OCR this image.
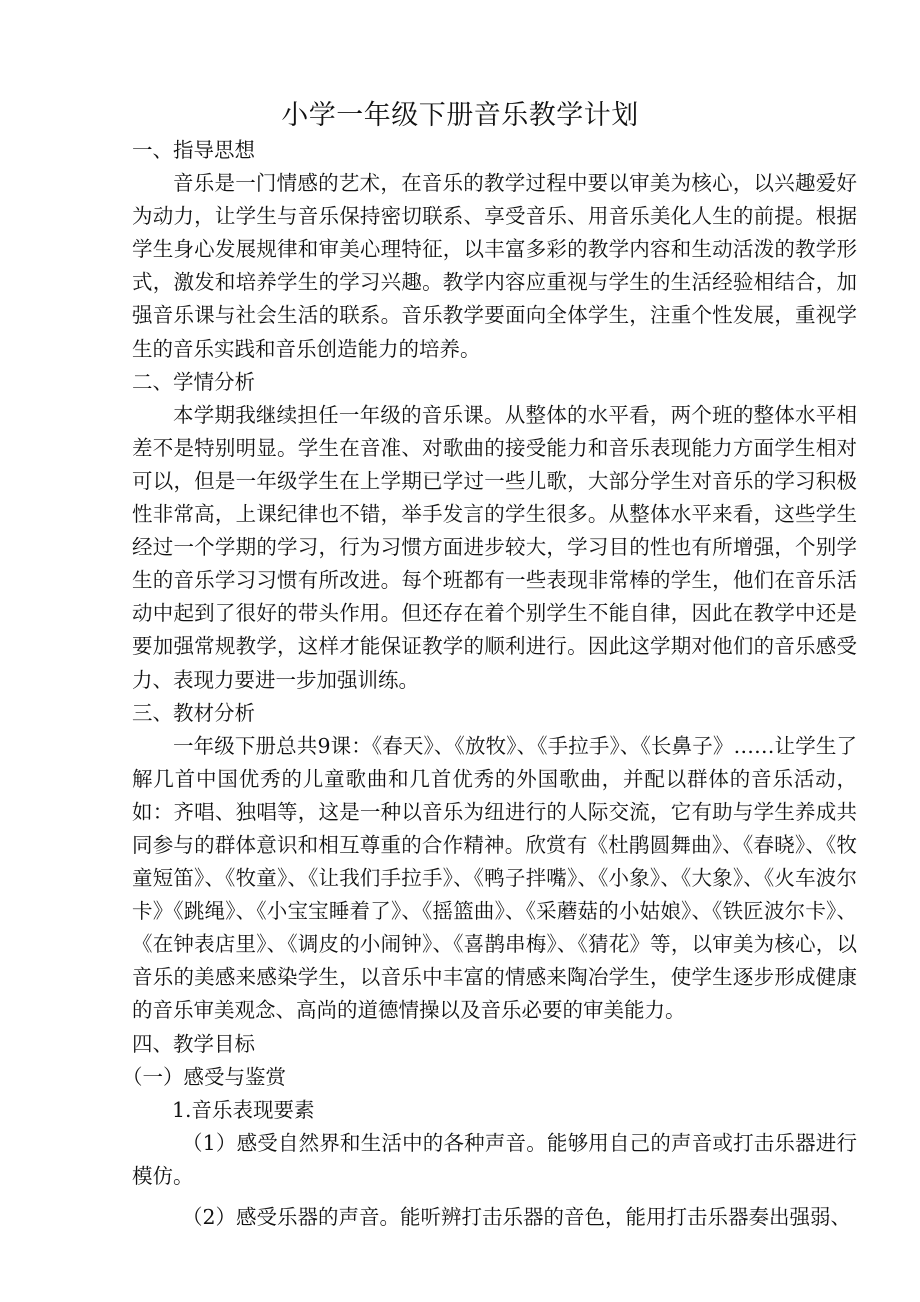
小学一年级下册音乐教学计划
一、指导思想

音乐是一门情感的艺术，在音乐的教学过程中要以审美为核心，以兴趣爱好为动力，让学生与音乐保持密切联系、享受音乐、用音乐美化人生的前提。根据学生身心发展规律和审美心理特征，以丰富多彩的教学内容和生动活泼的教学形式，激发和培养学生的学习兴趣。教学内容应重视与学生的生活经验相结合，加强音乐课与社会生活的联系。音乐教学要面向全体学生，注重个性发展，重视学生的音乐实践和音乐创造能力的培养。

二、学情分析

本学期我继续担任一年级的音乐课。从整体的水平看，两个班的整体水平相差不是特别明显。学生在音准、对歌曲的接受能力和音乐表现能力方面学生相对可以，但是一年级学生在上学期已学过一些儿歌，大部分学生对音乐的学习积极性非常高，上课纪律也不错，举手发言的学生很多。从整体水平来看，这些学生经过一个学期的学习，行为习惯方面进步较大，学习目的性也有所增强，个别学生的音乐学习习惯有所改进。每个班都有一些表现非常棒的学生，他们在音乐活动中起到了很好的带头作用。但还存在着个别学生不能自律，因此在教学中还是要加强常规教学，这样才能保证教学的顺利进行。因此这学期对他们的音乐感受力、表现力要进一步加强训练。

三、教材分析

一年级下册总共9课：《春天》、《放牧》、《手拉手》、《长鼻子》……让学生了解几首中国优秀的儿童歌曲和几首优秀的外国歌曲，并配以群体的音乐活动，如：齐唱、独唱等，这是一种以音乐为纽进行的人际交流，它有助与学生养成共同参与的群体意识和相互尊重的合作精神。欣赏有《杜鹃圆舞曲》、《春晓》、《牧童短笛》、《牧童》、《让我们手拉手》、《鸭子拌嘴》、《小象》、《大象》、《火车波尔卡》《跳绳》、《小宝宝睡着了》、《摇篮曲》、《采蘑菇的小姑娘》、《铁匠波尔卡》、《在钟表店里》、《调皮的小闹钟》、《喜鹊串梅》、《猜花》等，以审美为核心，以音乐的美感来感染学生，以音乐中丰富的情感来陶冶学生，使学生逐步形成健康的音乐审美观念、高尚的道德情操以及音乐必要的审美能力。

四、教学目标
（一）感受与鉴赏
1.音乐表现要素

（1）感受自然界和生活中的各种声音。能够用自己的声音或打击乐器进行模仿。

（2）感受乐器的声音。能听辨打击乐器的音色，能用打击乐器奏出强弱、
